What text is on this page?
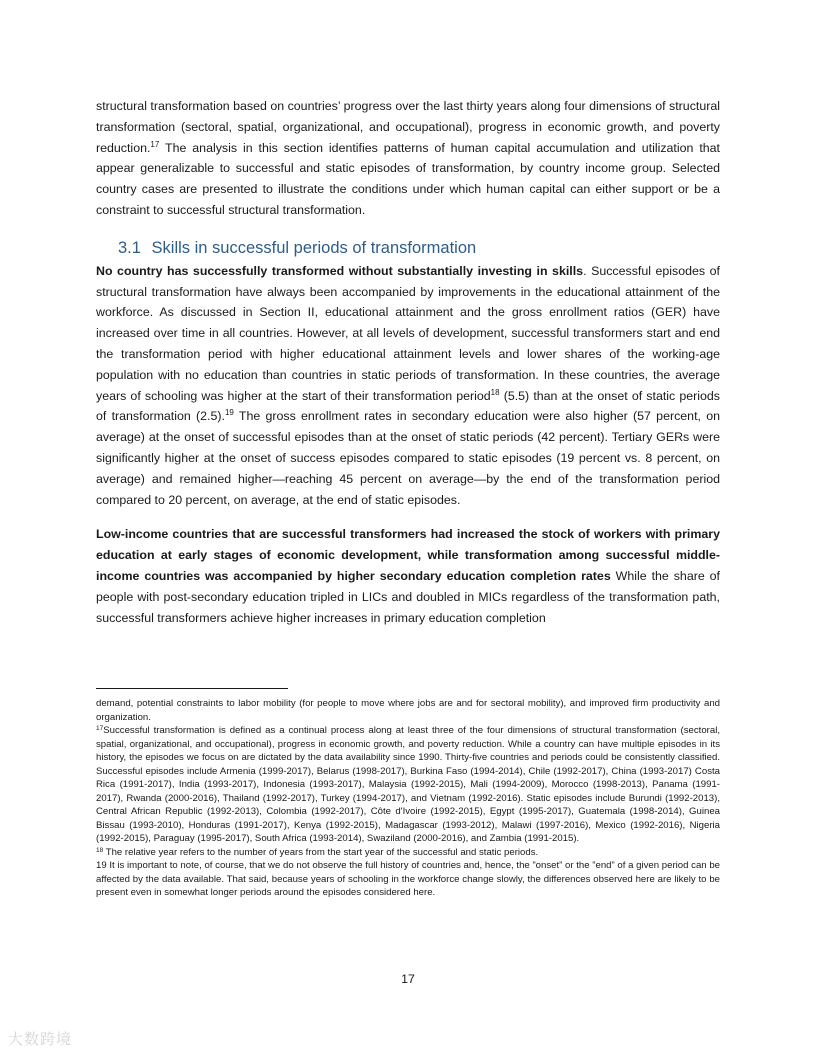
structural transformation based on countries’ progress over the last thirty years along four dimensions of structural transformation (sectoral, spatial, organizational, and occupational), progress in economic growth, and poverty reduction.$^{17}$ The analysis in this section identifies patterns of human capital accumulation and utilization that appear generalizable to successful and static episodes of transformation, by country income group. Selected country cases are presented to illustrate the conditions under which human capital can either support or be a constraint to successful structural transformation.

3.1 Skills in successful periods of transformation

No country has successfully transformed without substantially investing in skills. Successful episodes of structural transformation have always been accompanied by improvements in the educational attainment of the workforce. As discussed in Section II, educational attainment and the gross enrollment ratios (GER) have increased over time in all countries. However, at all levels of development, successful transformers start and end the transformation period with higher educational attainment levels and lower shares of the working-age population with no education than countries in static periods of transformation. In these countries, the average years of schooling was higher at the start of their transformation period$^{18}$ (5.5) than at the onset of static periods of transformation (2.5).$^{19}$ The gross enrollment rates in secondary education were also higher (57 percent, on average) at the onset of successful episodes than at the onset of static periods (42 percent). Tertiary GERs were significantly higher at the onset of success episodes compared to static episodes (19 percent vs. 8 percent, on average) and remained higher—reaching 45 percent on average—by the end of the transformation period compared to 20 percent, on average, at the end of static episodes.

Low-income countries that are successful transformers had increased the stock of workers with primary education at early stages of economic development, while transformation among successful middle-income countries was accompanied by higher secondary education completion rates While the share of people with post-secondary education tripled in LICs and doubled in MICs regardless of the transformation path, successful transformers achieve higher increases in primary education completion

demand, potential constraints to labor mobility (for people to move where jobs are and for sectoral mobility), and improved firm productivity and organization.

$^{17}$Successful transformation is defined as a continual process along at least three of the four dimensions of structural transformation (sectoral, spatial, organizational, and occupational), progress in economic growth, and poverty reduction. While a country can have multiple episodes in its history, the episodes we focus on are dictated by the data availability since 1990. Thirty-five countries and periods could be consistently classified. Successful episodes include Armenia (1999-2017), Belarus (1998-2017), Burkina Faso (1994-2014), Chile (1992-2017), China (1993-2017) Costa Rica (1991-2017), India (1993-2017), Indonesia (1993-2017), Malaysia (1992-2015), Mali (1994-2009), Morocco (1998-2013), Panama (1991-2017), Rwanda (2000-2016), Thailand (1992-2017), Turkey (1994-2017), and Vietnam (1992-2016). Static episodes include Burundi (1992-2013), Central African Republic (1992-2013), Colombia (1992-2017), Côte d'Ivoire (1992-2015), Egypt (1995-2017), Guatemala (1998-2014), Guinea Bissau (1993-2010), Honduras (1991-2017), Kenya (1992-2015), Madagascar (1993-2012), Malawi (1997-2016), Mexico (1992-2016), Nigeria (1992-2015), Paraguay (1995-2017), South Africa (1993-2014), Swaziland (2000-2016), and Zambia (1991-2015).

$^{18}$ The relative year refers to the number of years from the start year of the successful and static periods.

19 It is important to note, of course, that we do not observe the full history of countries and, hence, the ”onset” or the ”end” of a given period can be affected by the data available. That said, because years of schooling in the workforce change slowly, the differences observed here are likely to be present even in somewhat longer periods around the episodes considered here.

17
大数跨境
